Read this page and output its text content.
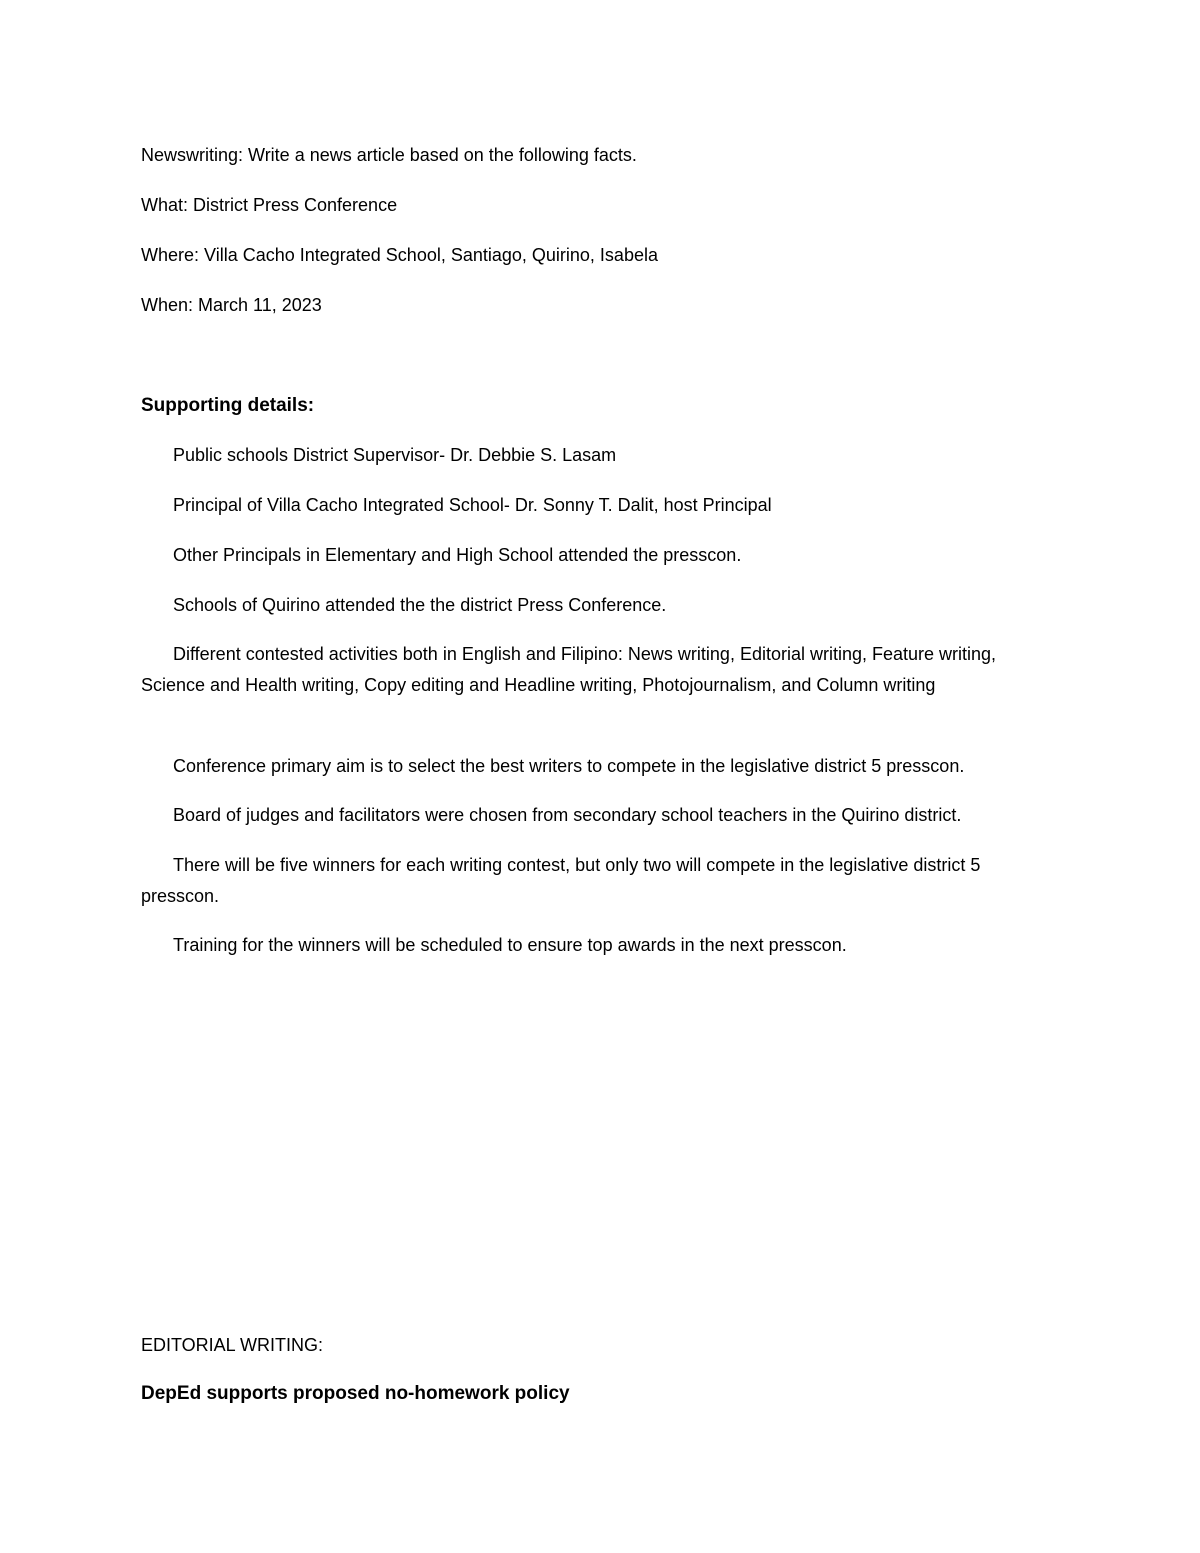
Newswriting: Write a news article based on the following facts.
What: District Press Conference
Where: Villa Cacho Integrated School, Santiago, Quirino, Isabela
When: March 11, 2023
Supporting details:
Public schools District Supervisor- Dr. Debbie S. Lasam
Principal of Villa Cacho Integrated School- Dr. Sonny T. Dalit, host Principal
Other Principals in Elementary and High School attended the presscon.
Schools of Quirino attended the the district Press Conference.
Different contested activities both in English and Filipino: News writing, Editorial writing, Feature writing, Science and Health writing, Copy editing and Headline writing, Photojournalism, and Column writing
Conference primary aim is to select the best writers to compete in the legislative district 5 presscon.
Board of judges and facilitators were chosen from secondary school teachers in the Quirino district.
There will be five winners for each writing contest, but only two will compete in the legislative district 5 presscon.
Training for the winners will be scheduled to ensure top awards in the next presscon.
EDITORIAL WRITING:
DepEd supports proposed no-homework policy
